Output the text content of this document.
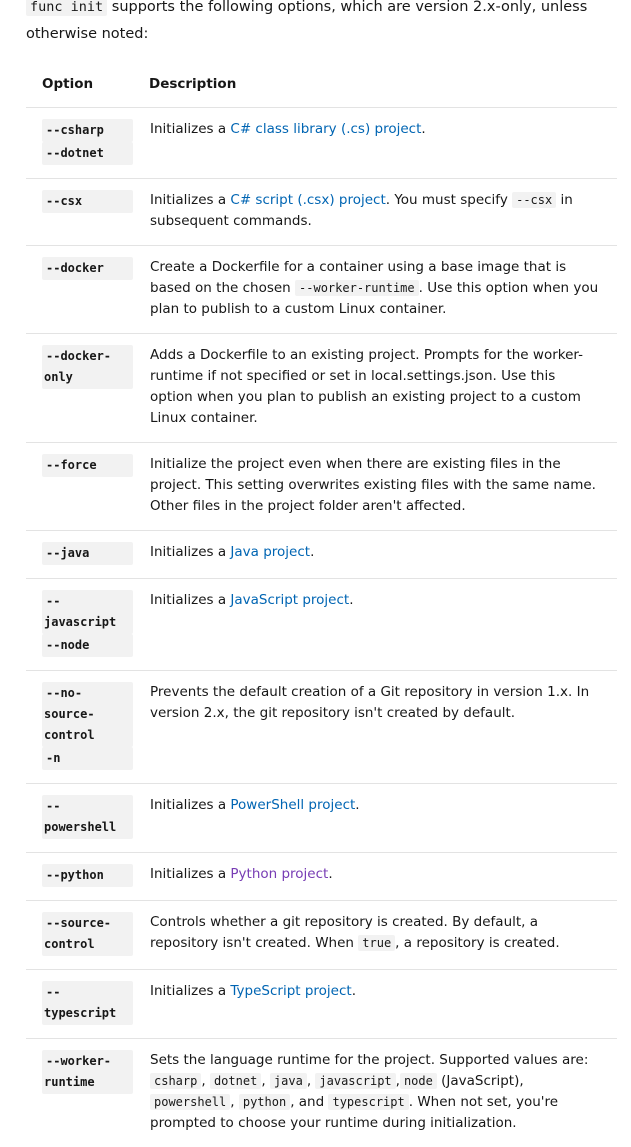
func init supports the following options, which are version 2.x-only, unless otherwise noted:

Option	Description

--csharp
--dotnet	Initializes a C# class library (.cs) project.

--csx	Initializes a C# script (.csx) project. You must specify --csx in subsequent commands.

--docker	Create a Dockerfile for a container using a base image that is based on the chosen --worker-runtime . Use this option when you plan to publish to a custom Linux container.

--docker-only	Adds a Dockerfile to an existing project. Prompts for the worker-runtime if not specified or set in local.settings.json. Use this option when you plan to publish an existing project to a custom Linux container.

--force	Initialize the project even when there are existing files in the project. This setting overwrites existing files with the same name. Other files in the project folder aren't affected.

--java	Initializes a Java project.

--javascript
--node	Initializes a JavaScript project.

--no-source-control
-n	Prevents the default creation of a Git repository in version 1.x. In version 2.x, the git repository isn't created by default.

--powershell	Initializes a PowerShell project.

--python	Initializes a Python project.

--source-control	Controls whether a git repository is created. By default, a repository isn't created. When true , a repository is created.

--typescript	Initializes a TypeScript project.

--worker-runtime	Sets the language runtime for the project. Supported values are: csharp , dotnet , java , javascript , node (JavaScript), powershell , python , and typescript . When not set, you're prompted to choose your runtime during initialization.
